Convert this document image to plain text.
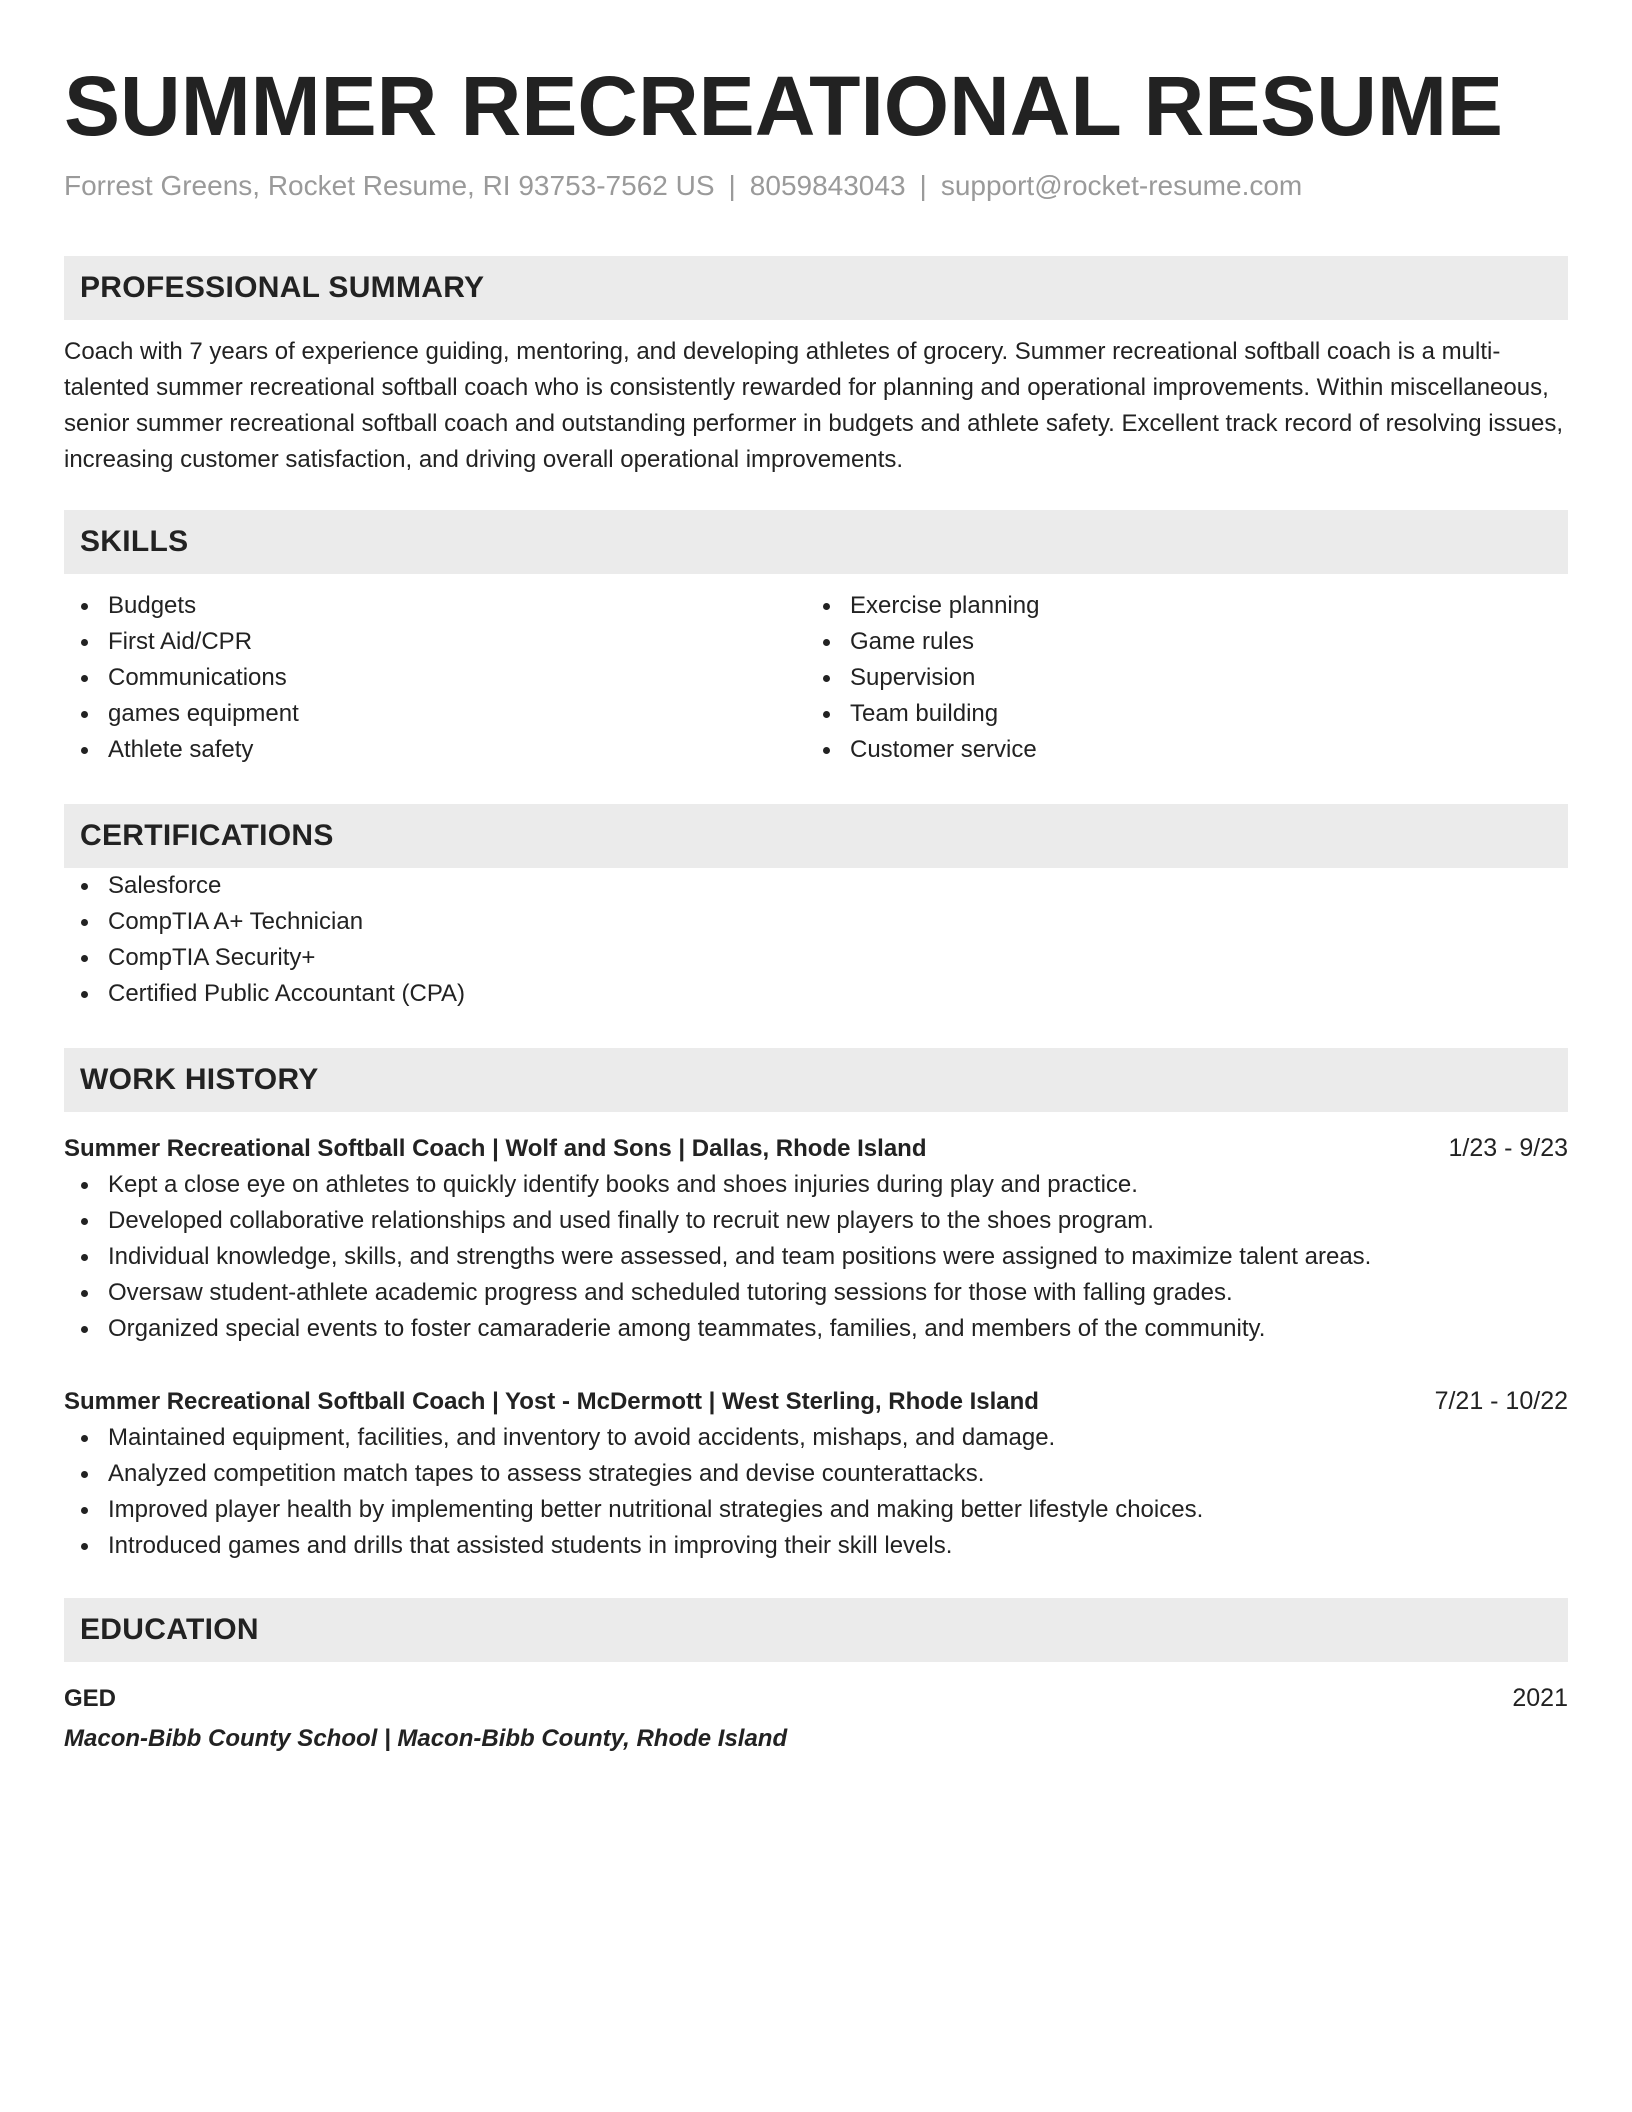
SUMMER RECREATIONAL RESUME
Forrest Greens, Rocket Resume, RI 93753-7562 US | 8059843043 | support@rocket-resume.com
PROFESSIONAL SUMMARY

Coach with 7 years of experience guiding, mentoring, and developing athletes of grocery. Summer recreational softball coach is a multi-talented summer recreational softball coach who is consistently rewarded for planning and operational improvements. Within miscellaneous, senior summer recreational softball coach and outstanding performer in budgets and athlete safety. Excellent track record of resolving issues, increasing customer satisfaction, and driving overall operational improvements.

SKILLS
Budgets
First Aid/CPR
Communications
games equipment
Athlete safety
Exercise planning
Game rules
Supervision
Team building
Customer service
CERTIFICATIONS
Salesforce
CompTIA A+ Technician
CompTIA Security+
Certified Public Accountant (CPA)
WORK HISTORY
Summer Recreational Softball Coach | Wolf and Sons | Dallas, Rhode Island	1/23 - 9/23
Kept a close eye on athletes to quickly identify books and shoes injuries during play and practice.
Developed collaborative relationships and used finally to recruit new players to the shoes program.
Individual knowledge, skills, and strengths were assessed, and team positions were assigned to maximize talent areas.
Oversaw student-athlete academic progress and scheduled tutoring sessions for those with falling grades.
Organized special events to foster camaraderie among teammates, families, and members of the community.
Summer Recreational Softball Coach | Yost - McDermott | West Sterling, Rhode Island	7/21 - 10/22
Maintained equipment, facilities, and inventory to avoid accidents, mishaps, and damage.
Analyzed competition match tapes to assess strategies and devise counterattacks.
Improved player health by implementing better nutritional strategies and making better lifestyle choices.
Introduced games and drills that assisted students in improving their skill levels.
EDUCATION
GED	2021
Macon-Bibb County School | Macon-Bibb County, Rhode Island
